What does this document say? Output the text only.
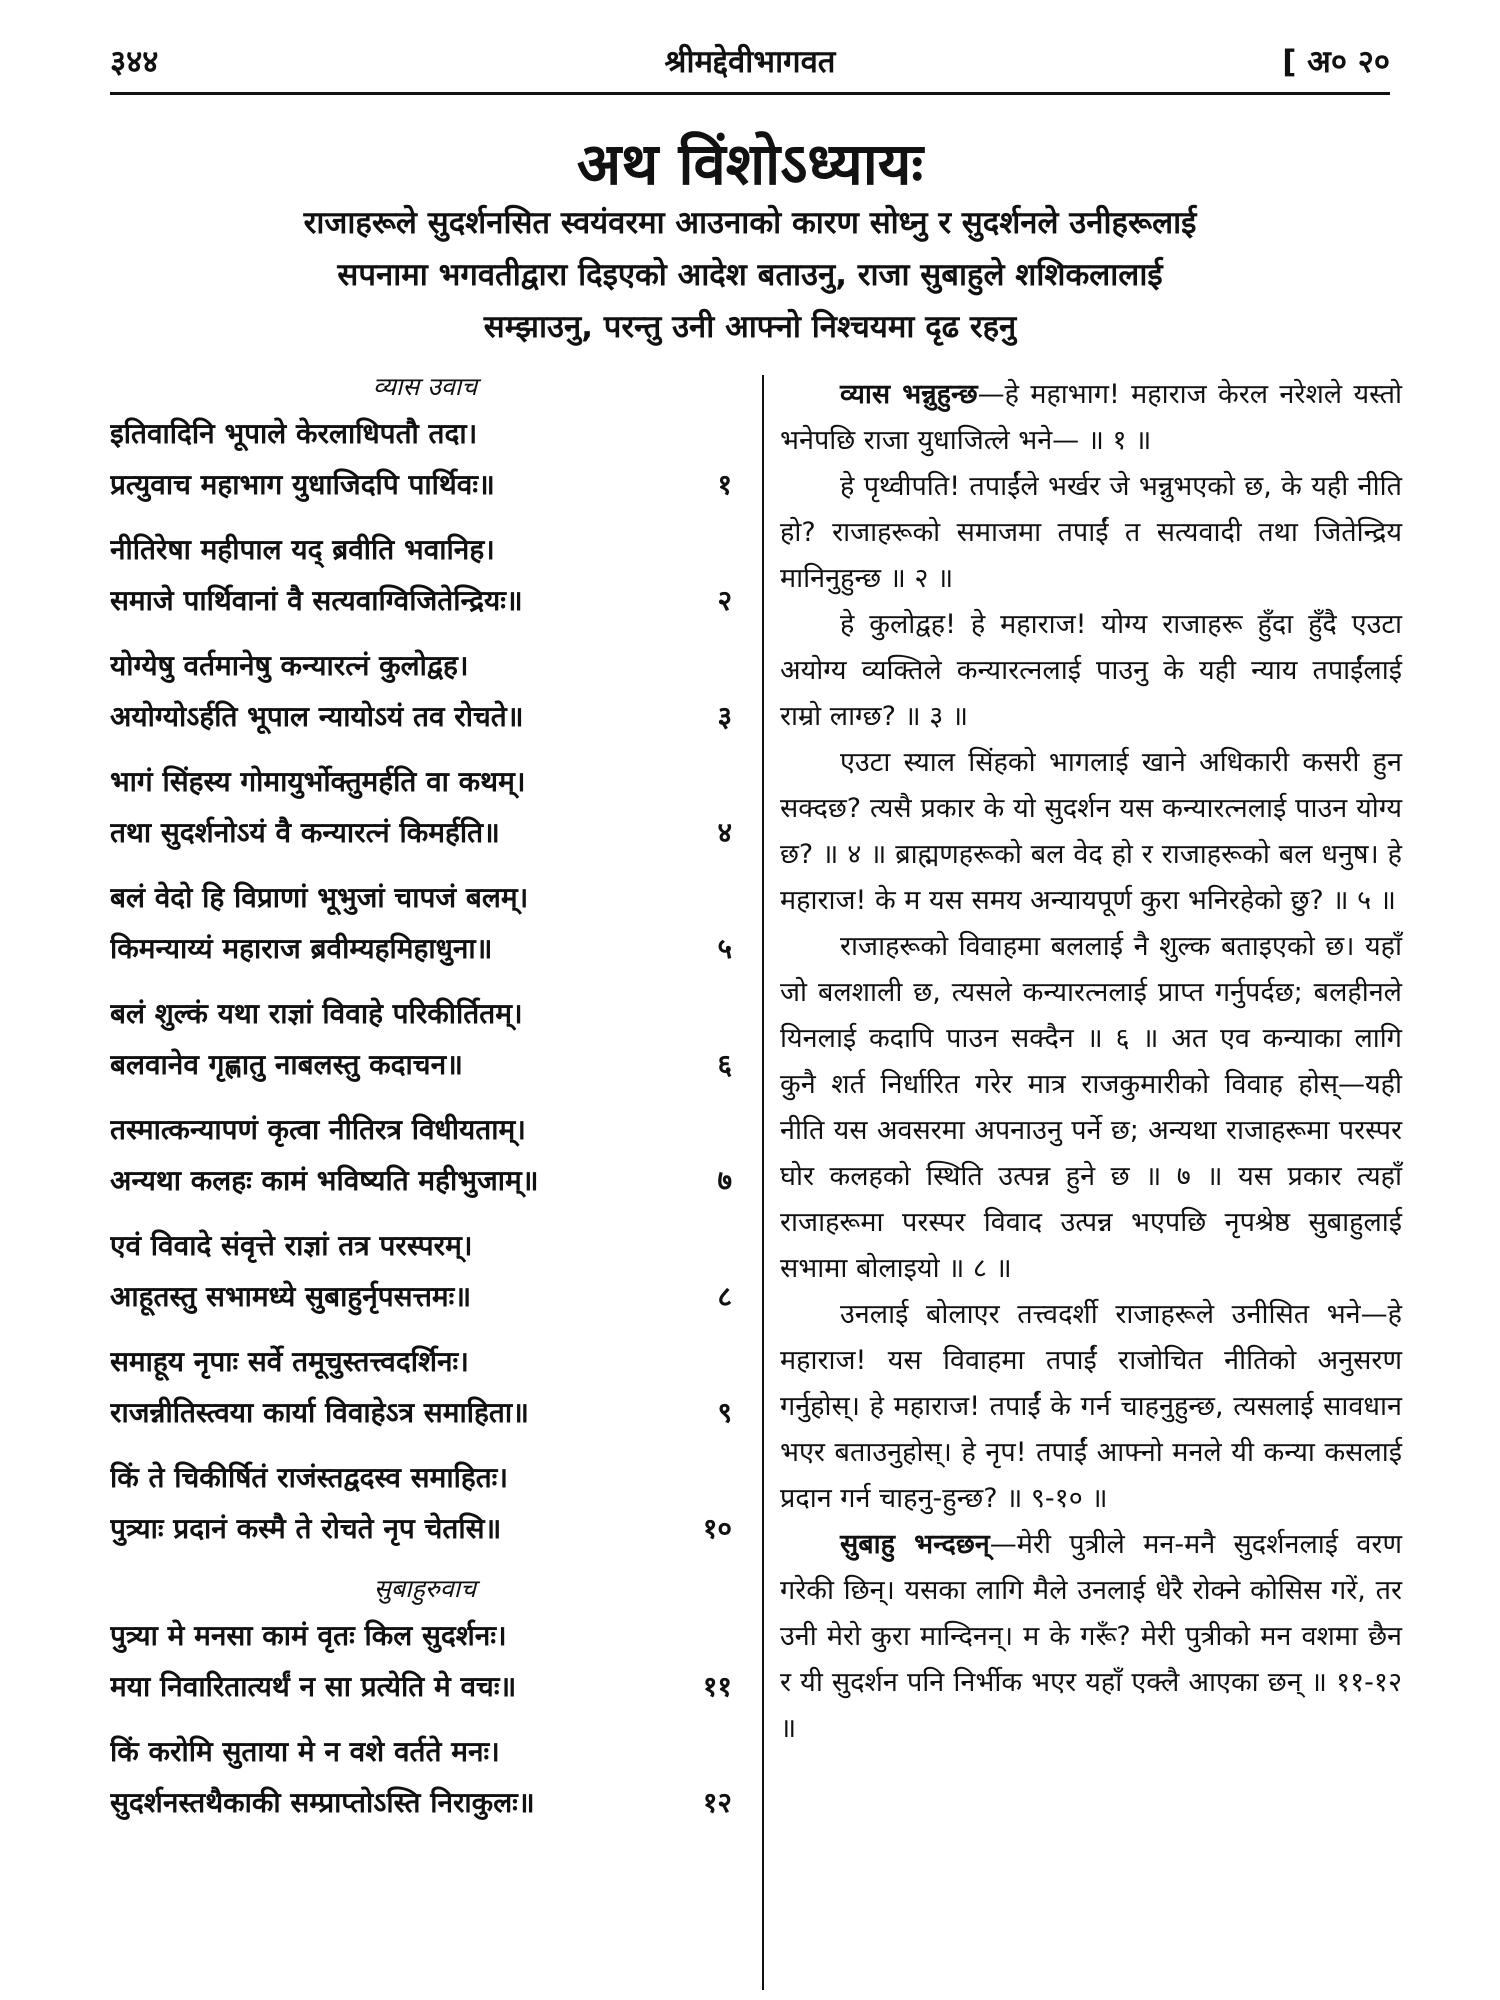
३४४	श्रीमद्देवीभागवत	[ अ० २०
अथ विंशोऽध्यायः
राजाहरूले सुदर्शनसित स्वयंवरमा आउनाको कारण सोध्नु र सुदर्शनले उनीहरूलाई
सपनामा भगवतीद्वारा दिइएको आदेश बताउनु, राजा सुबाहुले शशिकलालाई
सम्झाउनु, परन्तु उनी आफ्नो निश्चयमा दृढ रहनु
व्यास उवाच
इतिवादिनि भूपाले केरलाधिपतौ तदा।
प्रत्युवाच महाभाग युधाजिदपि पार्थिवः॥	१
नीतिरेषा महीपाल यद् ब्रवीति भवानिह।
समाजे पार्थिवानां वै सत्यवाग्विजितेन्द्रियः॥	२
योग्येषु वर्तमानेषु कन्यारत्नं कुलोद्वह।
अयोग्योऽर्हति भूपाल न्यायोऽयं तव रोचते॥	३
भागं सिंहस्य गोमायुर्भोक्तुमर्हति वा कथम्।
तथा सुदर्शनोऽयं वै कन्यारत्नं किमर्हति॥	४
बलं वेदो हि विप्राणां भूभुजां चापजं बलम्।
किमन्याय्यं महाराज ब्रवीम्यहमिहाधुना॥	५
बलं शुल्कं यथा राज्ञां विवाहे परिकीर्तितम्।
बलवानेव गृह्णातु नाबलस्तु कदाचन॥	६
तस्मात्कन्यापणं कृत्वा नीतिरत्र विधीयताम्।
अन्यथा कलहः कामं भविष्यति महीभुजाम्॥	७
एवं विवादे संवृत्ते राज्ञां तत्र परस्परम्।
आहूतस्तु सभामध्ये सुबाहुर्नृपसत्तमः॥	८
समाहूय नृपाः सर्वे तमूचुस्तत्त्वदर्शिनः।
राजन्नीतिस्त्वया कार्या विवाहेऽत्र समाहिता॥	९
किं ते चिकीर्षितं राजंस्तद्वदस्व समाहितः।
पुत्र्याः प्रदानं कस्मै ते रोचते नृप चेतसि॥	१०
सुबाहुरुवाच
पुत्र्या मे मनसा कामं वृतः किल सुदर्शनः।
मया निवारितात्यर्थं न सा प्रत्येति मे वचः॥	११
किं करोमि सुताया मे न वशे वर्तते मनः।
सुदर्शनस्तथैकाकी सम्प्राप्तोऽस्ति निराकुलः॥	१२

व्यास भन्नुहुन्छ—हे महाभाग! महाराज केरल नरेशले यस्तो भनेपछि राजा युधाजित्ले भने— ॥ १ ॥

हे पृथ्वीपति! तपाईंले भर्खर जे भन्नुभएको छ, के यही नीति हो? राजाहरूको समाजमा तपाईं त सत्यवादी तथा जितेन्द्रिय मानिनुहुन्छ ॥ २ ॥

हे कुलोद्वह! हे महाराज! योग्य राजाहरू हुँदा हुँदै एउटा अयोग्य व्यक्तिले कन्यारत्नलाई पाउनु के यही न्याय तपाईंलाई राम्रो लाग्छ? ॥ ३ ॥

एउटा स्याल सिंहको भागलाई खाने अधिकारी कसरी हुन सक्दछ? त्यसै प्रकार के यो सुदर्शन यस कन्यारत्नलाई पाउन योग्य छ? ॥ ४ ॥ ब्राह्मणहरूको बल वेद हो र राजाहरूको बल धनुष। हे महाराज! के म यस समय अन्यायपूर्ण कुरा भनिरहेको छु? ॥ ५ ॥

राजाहरूको विवाहमा बललाई नै शुल्क बताइएको छ। यहाँ जो बलशाली छ, त्यसले कन्यारत्नलाई प्राप्त गर्नुपर्दछ; बलहीनले यिनलाई कदापि पाउन सक्दैन ॥ ६ ॥ अत एव कन्याका लागि कुनै शर्त निर्धारित गरेर मात्र राजकुमारीको विवाह होस्—यही नीति यस अवसरमा अपनाउनु पर्ने छ; अन्यथा राजाहरूमा परस्पर घोर कलहको स्थिति उत्पन्न हुने छ ॥ ७ ॥ यस प्रकार त्यहाँ राजाहरूमा परस्पर विवाद उत्पन्न भएपछि नृपश्रेष्ठ सुबाहुलाई सभामा बोलाइयो ॥ ८ ॥

उनलाई बोलाएर तत्त्वदर्शी राजाहरूले उनीसित भने—हे महाराज! यस विवाहमा तपाईं राजोचित नीतिको अनुसरण गर्नुहोस्। हे महाराज! तपाईं के गर्न चाहनुहुन्छ, त्यसलाई सावधान भएर बताउनुहोस्। हे नृप! तपाईं आफ्नो मनले यी कन्या कसलाई प्रदान गर्न चाहनु-हुन्छ? ॥ ९-१० ॥

सुबाहु भन्दछन्—मेरी पुत्रीले मन-मनै सुदर्शनलाई वरण गरेकी छिन्। यसका लागि मैले उनलाई धेरै रोक्ने कोसिस गरें, तर उनी मेरो कुरा मान्दिनन्। म के गरूँ? मेरी पुत्रीको मन वशमा छैन र यी सुदर्शन पनि निर्भीक भएर यहाँ एक्लै आएका छन् ॥ ११-१२ ॥
